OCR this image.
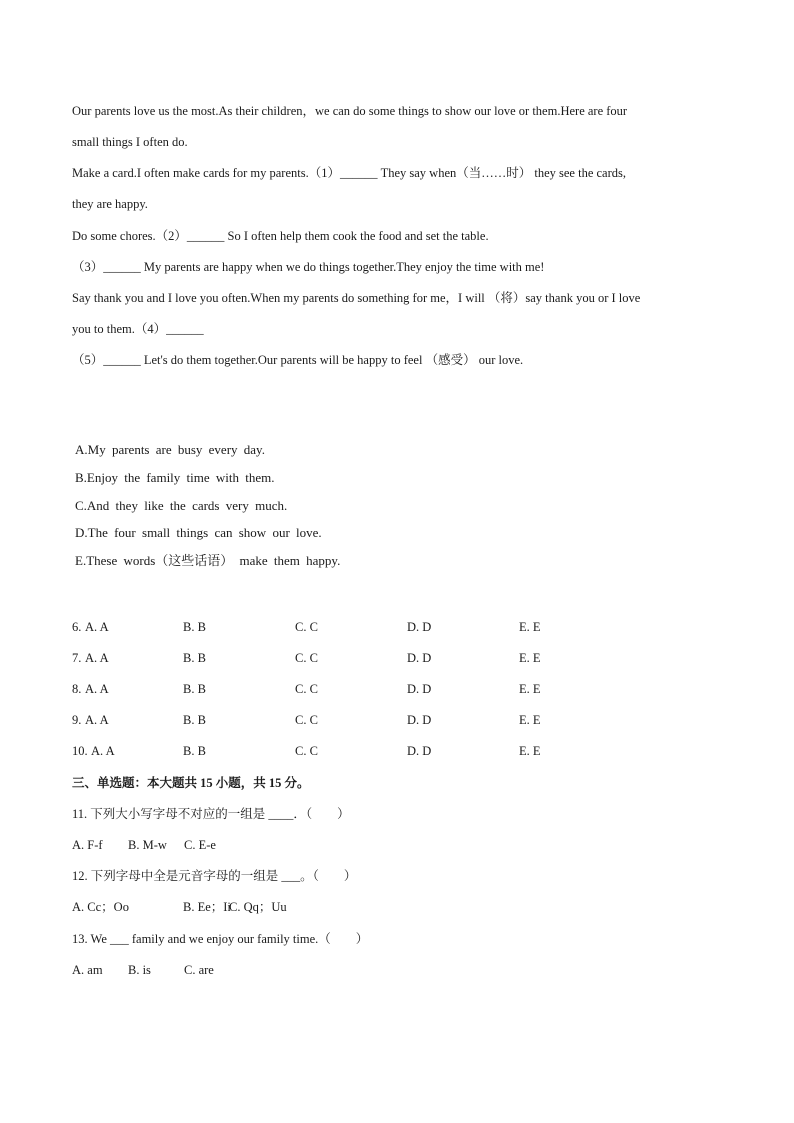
Our parents love us the most.As their children，we can do some things to show our love or them.Here are four
small things I often do.
Make a card.I often make cards for my parents.（1）______ They say when（当……时） they see the cards,
they are happy.
Do some chores.（2）______ So I often help them cook the food and set the table.
（3）______ My parents are happy when we do things together.They enjoy the time with me!
Say thank you and I love you often.When my parents do something for me，I will （将）say thank you or I love
you to them.（4）______
（5）______ Let's do them together.Our parents will be happy to feel （感受） our love.
A.My parents are busy every day.
B.Enjoy the family time with them.
C.And they like the cards very much.
D.The four small things can show our love.
E.These words（这些话语） make them happy.
6. A. A	B. B	C. C	D. D	E. E
7. A. A	B. B	C. C	D. D	E. E
8. A. A	B. B	C. C	D. D	E. E
9. A. A	B. B	C. C	D. D	E. E
10. A. A	B. B	C. C	D. D	E. E
三、单选题：本大题共 15 小题，共 15 分。
11. 下列大小写字母不对应的一组是 ____．（　　）
A. F-f B. M-w C. E-e
12. 下列字母中全是元音字母的一组是 ___。（　　）
A. Cc；Oo	B. Ee；Ii
C. Qq；Uu
13. We ___ family and we enjoy our family time.（　　）
A. am B. is	C. are
